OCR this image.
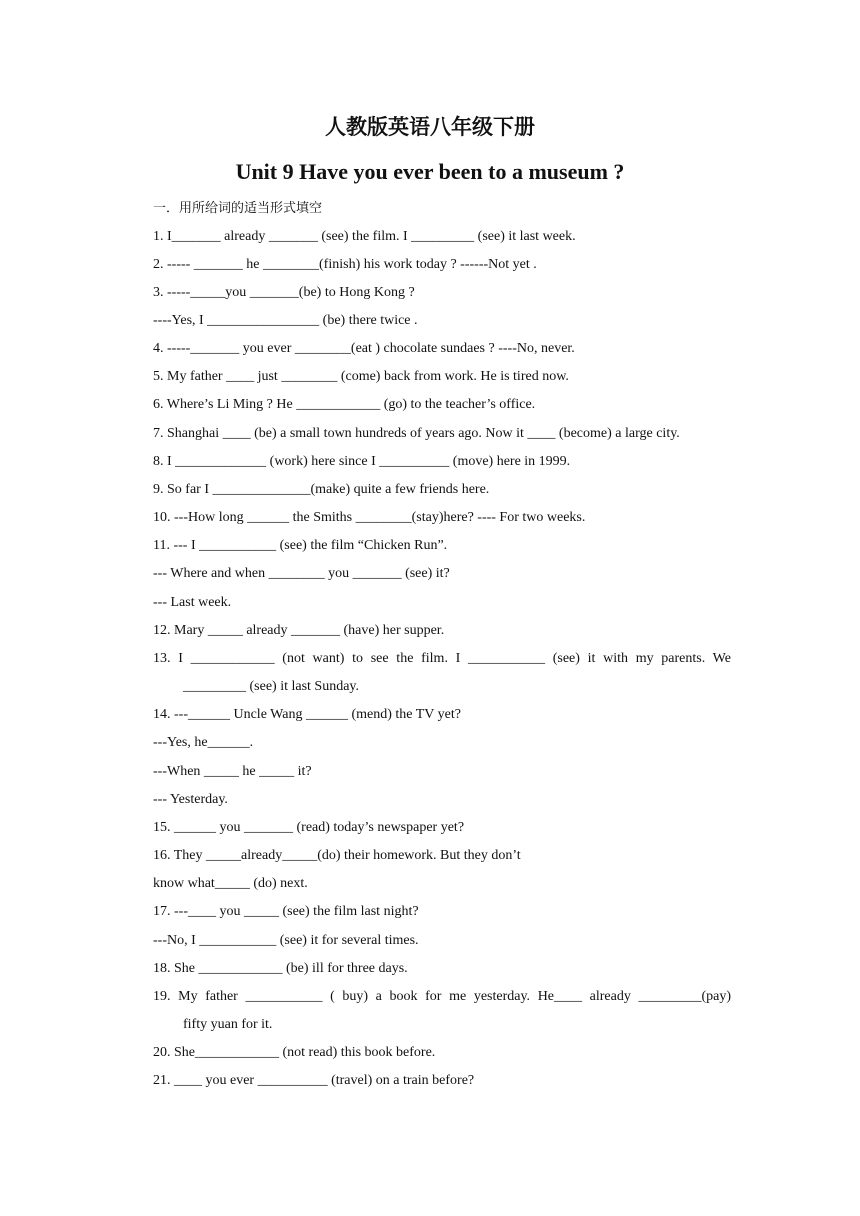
人教版英语八年级下册
Unit 9 Have you ever been to a museum ?
一．用所给词的适当形式填空
1. I_______ already _______ (see) the film. I _________ (see) it last week.
2. ----- _______ he ________(finish) his work today ? ------Not yet .
3. -----_____you _______(be) to Hong Kong ?
----Yes, I ________________ (be) there twice .
4. -----_______ you ever ________(eat ) chocolate sundaes ? ----No, never.
5. My father ____ just ________ (come) back from work. He is tired now.
6. Where’s Li Ming ? He ____________ (go) to the teacher’s office.
7. Shanghai ____ (be) a small town hundreds of years ago. Now it ____ (become) a large city.
8. I _____________ (work) here since I __________ (move) here in 1999.
9. So far I ______________(make) quite a few friends here.
10. ---How long ______ the Smiths ________(stay)here? ---- For two weeks.
11. --- I ___________ (see) the film “Chicken Run”.
--- Where and when ________ you _______ (see) it?
--- Last week.
12. Mary _____ already _______ (have) her supper.
13. I ____________ (not want) to see the film. I ___________ (see) it with my parents. We
_________ (see) it last Sunday.
14. ---______ Uncle Wang ______ (mend) the TV yet?
---Yes, he______.
---When _____ he _____ it?
--- Yesterday.
15. ______ you _______ (read) today’s newspaper yet?
16. They _____already_____(do) their homework. But they don’t
know what_____ (do) next.
17. ---____ you _____ (see) the film last night?
---No, I ___________ (see) it for several times.
18. She ____________ (be) ill for three days.
19. My father ___________ ( buy) a book for me yesterday. He____ already _________(pay)
fifty yuan for it.
20. She____________ (not read) this book before.
21. ____ you ever __________ (travel) on a train before?
